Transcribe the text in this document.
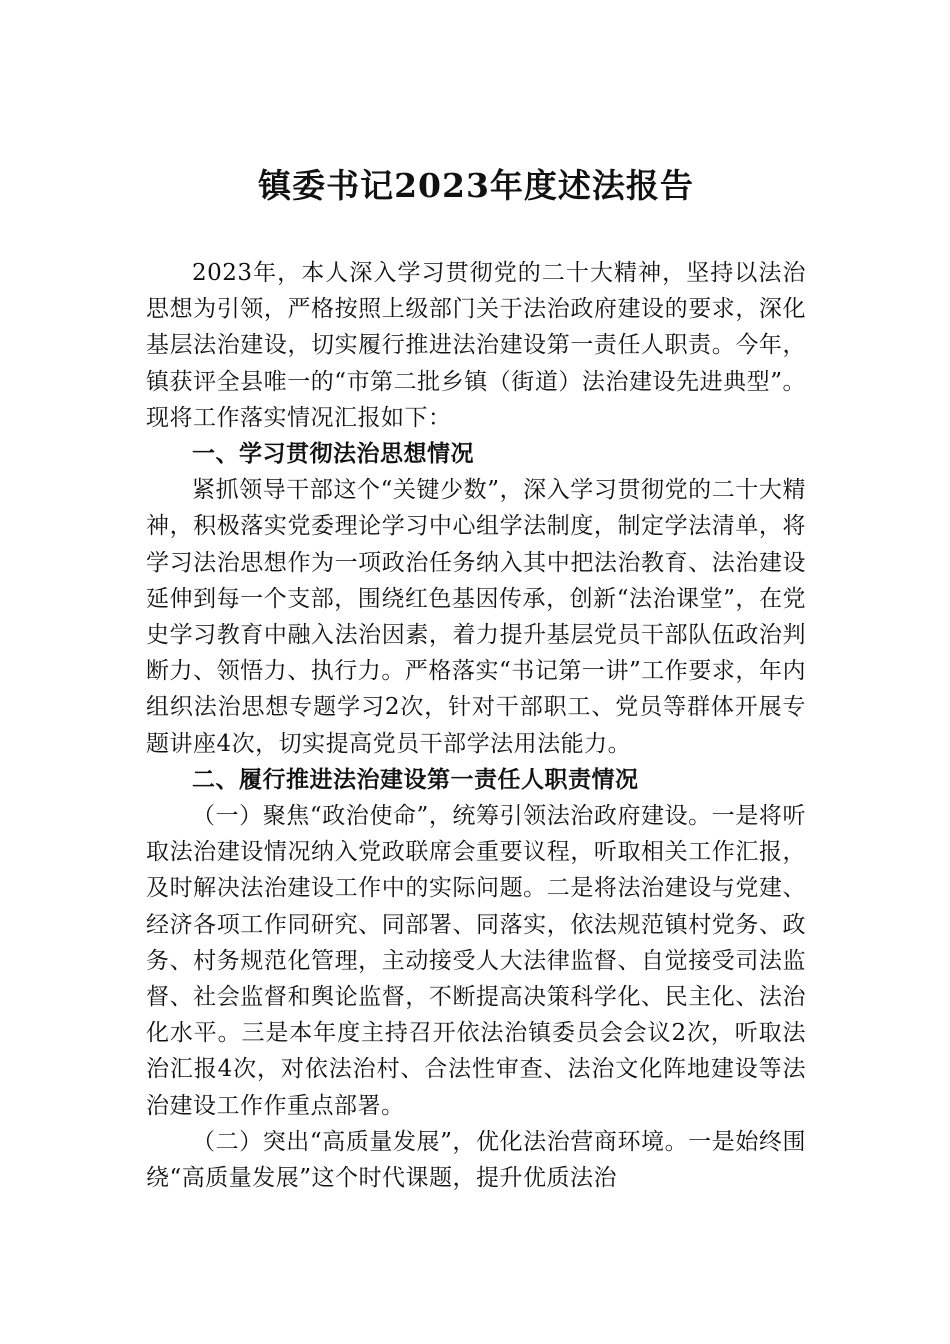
镇委书记2023年度述法报告

2023年，本人深入学习贯彻党的二十大精神，坚持以法治思想为引领，严格按照上级部门关于法治政府建设的要求，深化基层法治建设，切实履行推进法治建设第一责任人职责。今年，镇获评全县唯一的“市第二批乡镇（街道）法治建设先进典型”。现将工作落实情况汇报如下：

一、学习贯彻法治思想情况

紧抓领导干部这个“关键少数”，深入学习贯彻党的二十大精神，积极落实党委理论学习中心组学法制度，制定学法清单，将学习法治思想作为一项政治任务纳入其中把法治教育、法治建设延伸到每一个支部，围绕红色基因传承，创新“法治课堂”，在党史学习教育中融入法治因素，着力提升基层党员干部队伍政治判断力、领悟力、执行力。严格落实“书记第一讲”工作要求，年内组织法治思想专题学习2次，针对干部职工、党员等群体开展专题讲座4次，切实提高党员干部学法用法能力。

二、履行推进法治建设第一责任人职责情况

（一）聚焦“政治使命”，统筹引领法治政府建设。一是将听取法治建设情况纳入党政联席会重要议程，听取相关工作汇报，及时解决法治建设工作中的实际问题。二是将法治建设与党建、经济各项工作同研究、同部署、同落实，依法规范镇村党务、政务、村务规范化管理，主动接受人大法律监督、自觉接受司法监督、社会监督和舆论监督，不断提高决策科学化、民主化、法治化水平。三是本年度主持召开依法治镇委员会会议2次，听取法治汇报4次，对依法治村、合法性审查、法治文化阵地建设等法治建设工作作重点部署。

（二）突出“高质量发展”，优化法治营商环境。一是始终围绕“高质量发展”这个时代课题，提升优质法治
